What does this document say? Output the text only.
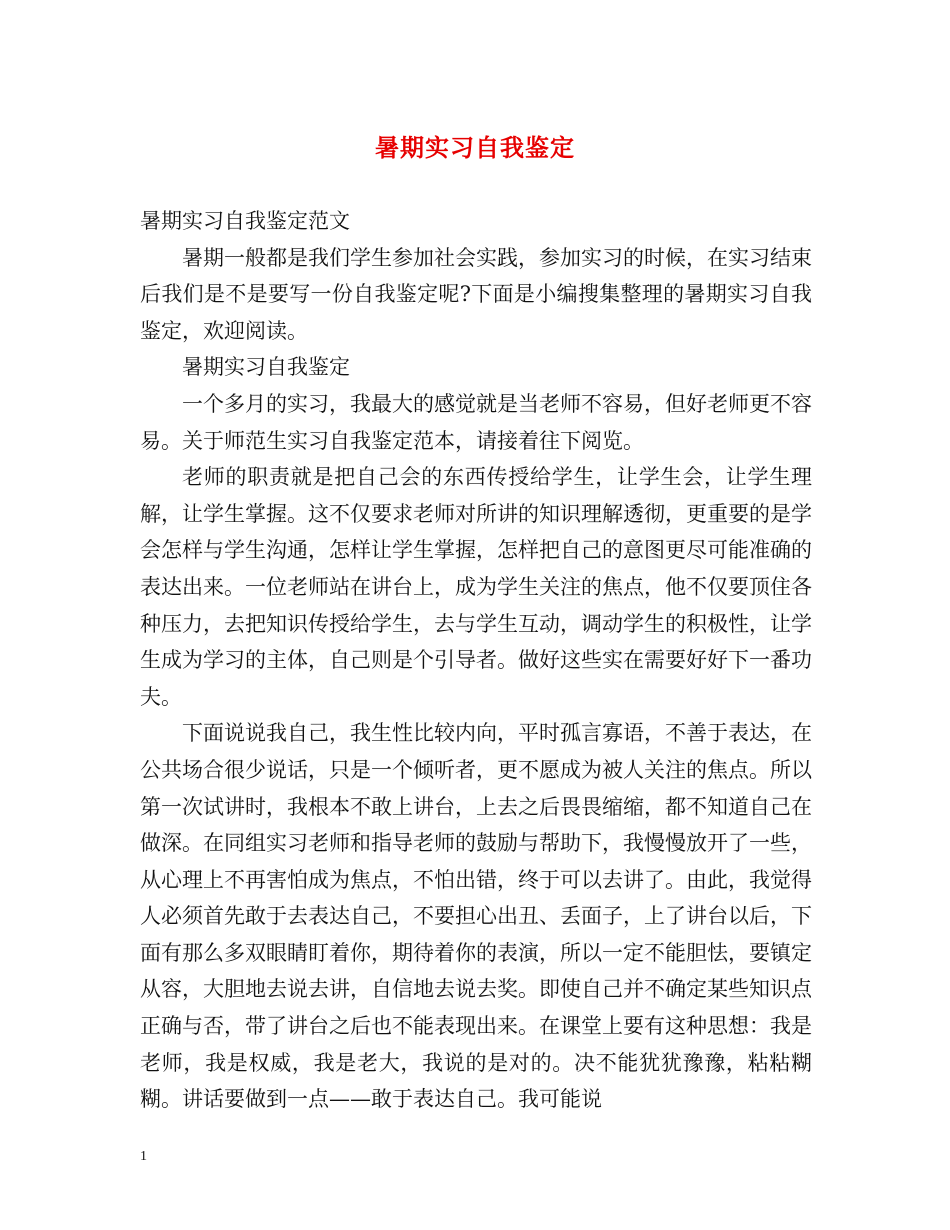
暑期实习自我鉴定

暑期实习自我鉴定范文

暑期一般都是我们学生参加社会实践，参加实习的时候，在实习结束后我们是不是要写一份自我鉴定呢?下面是小编搜集整理的暑期实习自我鉴定，欢迎阅读。

暑期实习自我鉴定

一个多月的实习，我最大的感觉就是当老师不容易，但好老师更不容易。关于师范生实习自我鉴定范本，请接着往下阅览。

老师的职责就是把自己会的东西传授给学生，让学生会，让学生理解，让学生掌握。这不仅要求老师对所讲的知识理解透彻，更重要的是学会怎样与学生沟通，怎样让学生掌握，怎样把自己的意图更尽可能准确的表达出来。一位老师站在讲台上，成为学生关注的焦点，他不仅要顶住各种压力，去把知识传授给学生，去与学生互动，调动学生的积极性，让学生成为学习的主体，自己则是个引导者。做好这些实在需要好好下一番功夫。

下面说说我自己，我生性比较内向，平时孤言寡语，不善于表达，在公共场合很少说话，只是一个倾听者，更不愿成为被人关注的焦点。所以第一次试讲时，我根本不敢上讲台，上去之后畏畏缩缩，都不知道自己在做深。在同组实习老师和指导老师的鼓励与帮助下，我慢慢放开了一些，从心理上不再害怕成为焦点，不怕出错，终于可以去讲了。由此，我觉得人必须首先敢于去表达自己，不要担心出丑、丢面子，上了讲台以后，下面有那么多双眼睛盯着你，期待着你的表演，所以一定不能胆怯，要镇定从容，大胆地去说去讲，自信地去说去奖。即使自己并不确定某些知识点正确与否，带了讲台之后也不能表现出来。在课堂上要有这种思想：我是老师，我是权威，我是老大，我说的是对的。决不能犹犹豫豫，粘粘糊糊。讲话要做到一点——敢于表达自己。我可能说

1
